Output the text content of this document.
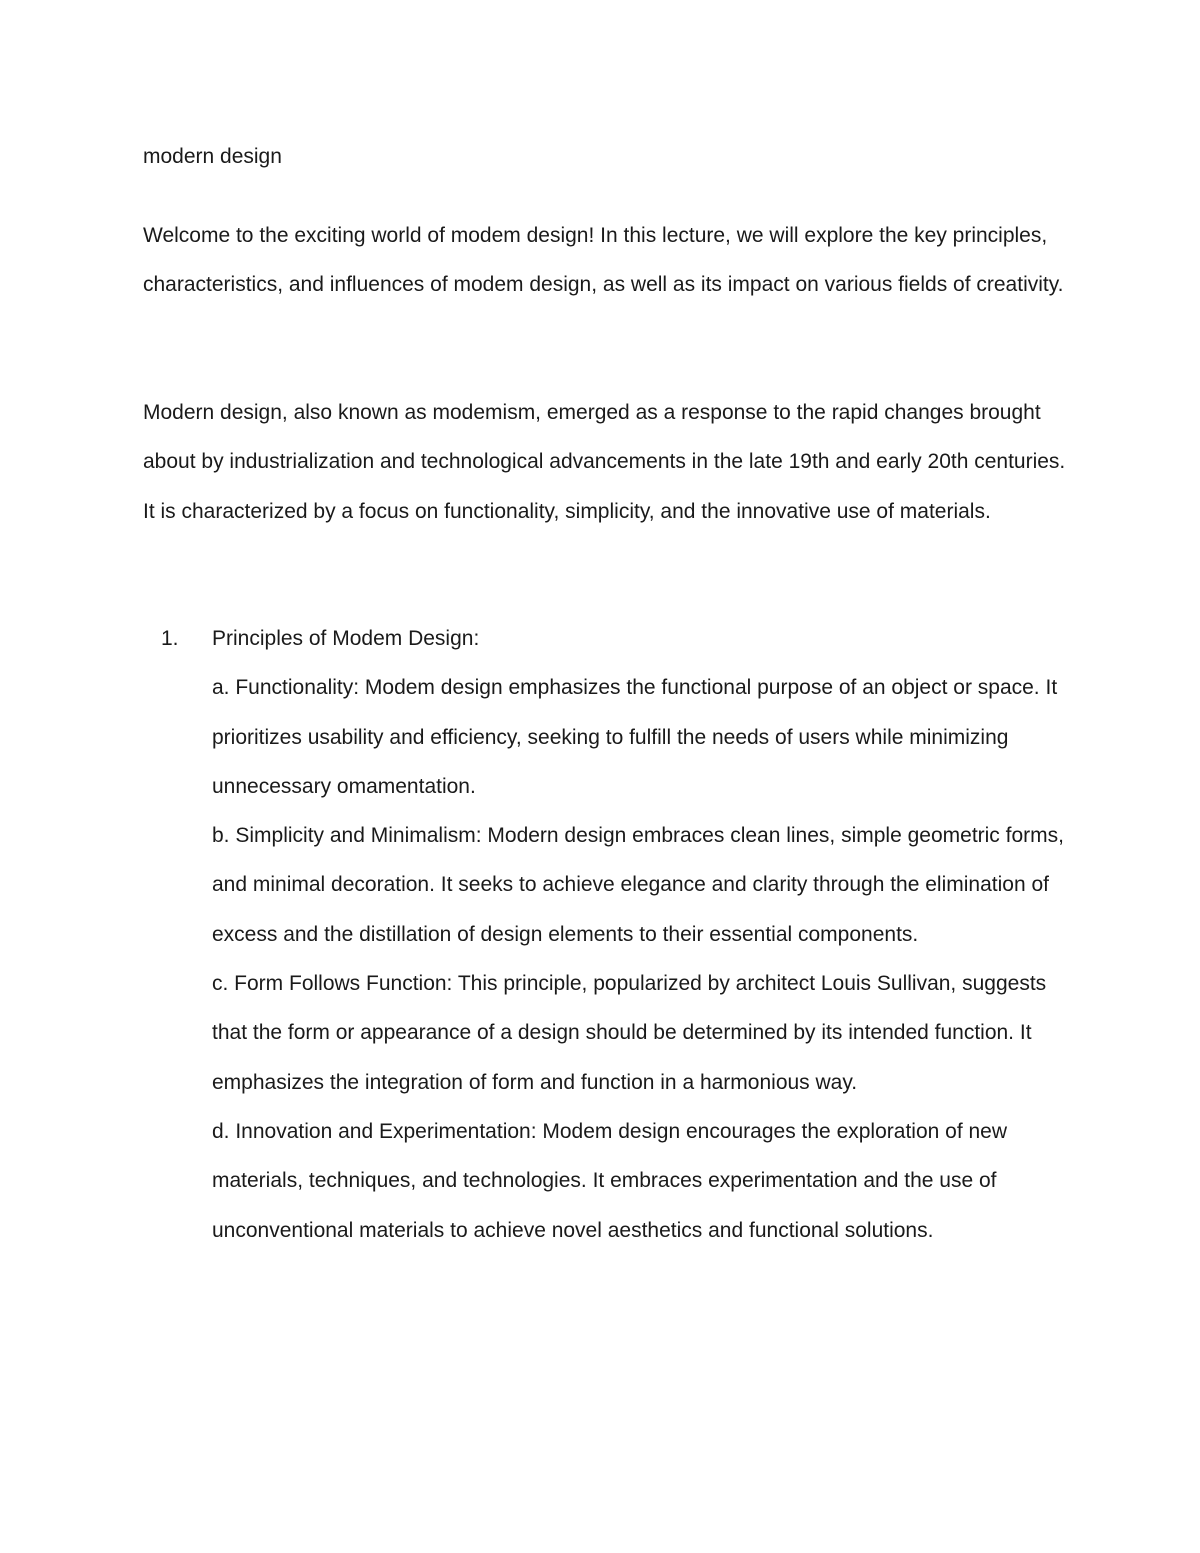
modern design

Welcome to the exciting world of modem design! In this lecture, we will explore the key principles, characteristics, and influences of modem design, as well as its impact on various fields of creativity.

Modern design, also known as modemism, emerged as a response to the rapid changes brought about by industrialization and technological advancements in the late 19th and early 20th centuries. It is characterized by a focus on functionality, simplicity, and the innovative use of materials.

1.	Principles of Modem Design:
a. Functionality: Modem design emphasizes the functional purpose of an object or space. It prioritizes usability and efficiency, seeking to fulfill the needs of users while minimizing unnecessary omamentation.
b. Simplicity and Minimalism: Modern design embraces clean lines, simple geometric forms, and minimal decoration. It seeks to achieve elegance and clarity through the elimination of excess and the distillation of design elements to their essential components.
c. Form Follows Function: This principle, popularized by architect Louis Sullivan, suggests that the form or appearance of a design should be determined by its intended function. It emphasizes the integration of form and function in a harmonious way.
d. Innovation and Experimentation: Modem design encourages the exploration of new materials, techniques, and technologies. It embraces experimentation and the use of unconventional materials to achieve novel aesthetics and functional solutions.
